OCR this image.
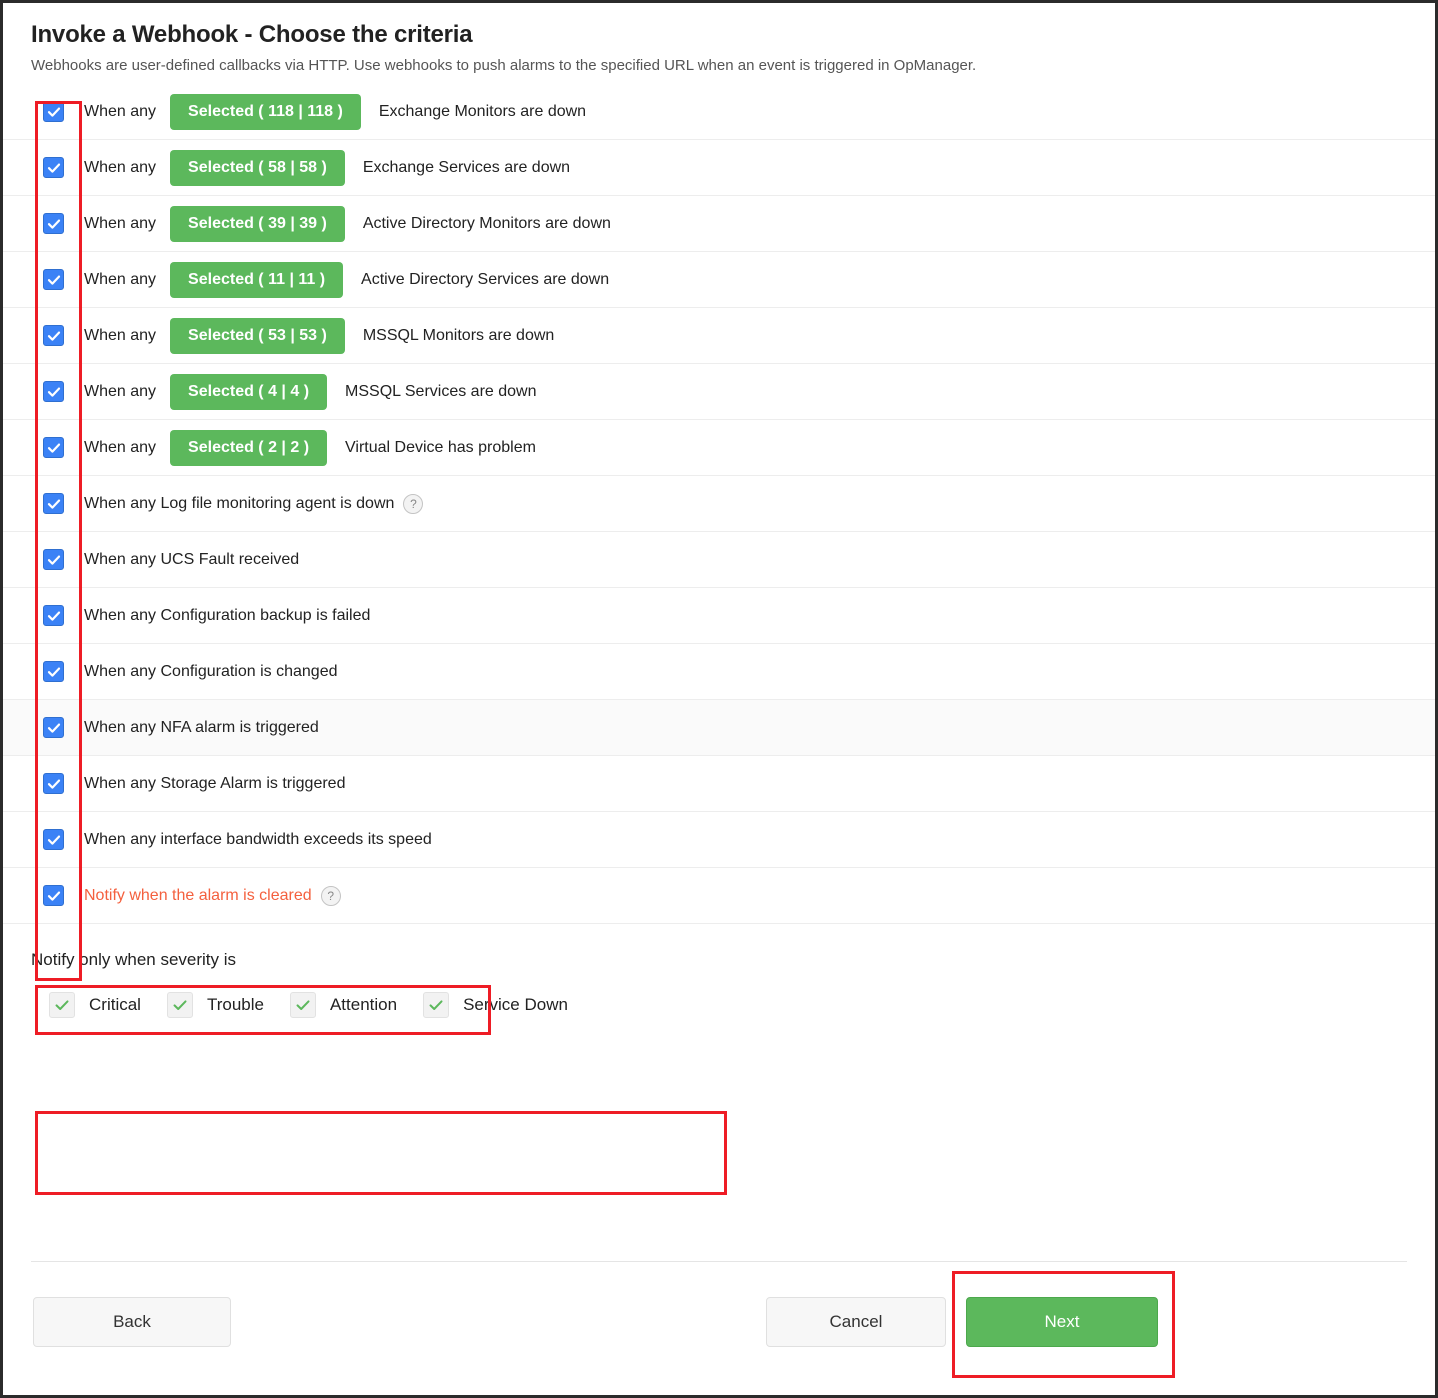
Invoke a Webhook - Choose the criteria
Webhooks are user-defined callbacks via HTTP. Use webhooks to push alarms to the specified URL when an event is triggered in OpManager.
When any	Selected ( 118 | 118 )	Exchange Monitors are down
When any	Selected ( 58 | 58 )	Exchange Services are down
When any	Selected ( 39 | 39 )	Active Directory Monitors are down
When any	Selected ( 11 | 11 )	Active Directory Services are down
When any	Selected ( 53 | 53 )	MSSQL Monitors are down
When any	Selected ( 4 | 4 )	MSSQL Services are down
When any	Selected ( 2 | 2 )	Virtual Device has problem
When any Log file monitoring agent is down	?
When any UCS Fault received
When any Configuration backup is failed
When any Configuration is changed
When any NFA alarm is triggered
When any Storage Alarm is triggered
When any interface bandwidth exceeds its speed
Notify when the alarm is cleared	?
Notify only when severity is
Critical	Trouble	Attention	Service Down
Back	Cancel	Next
